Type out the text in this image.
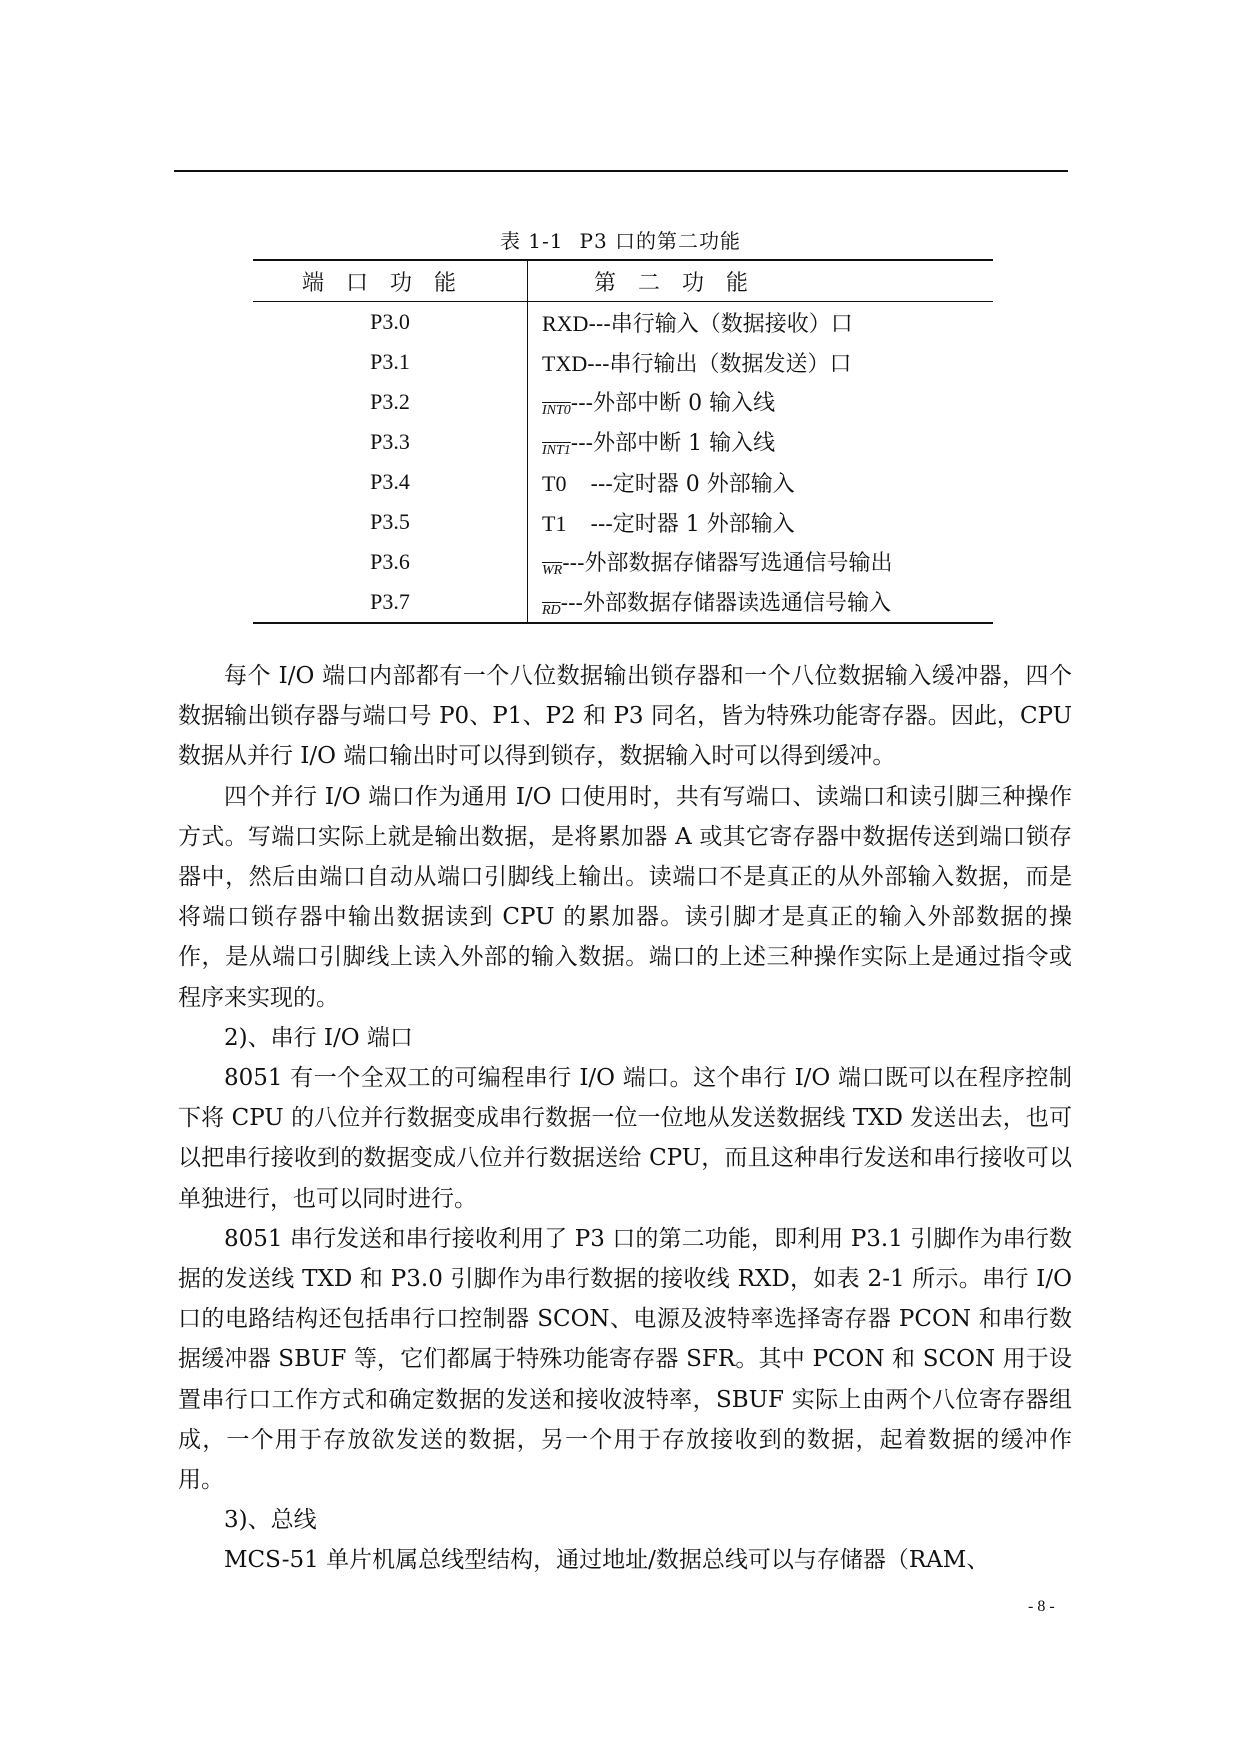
表 1-1 P3 口的第二功能
端口功能	第二功能
P3.0	RXD---串行输入（数据接收）口
P3.1	TXD---串行输出（数据发送）口
P3.2	INT0---外部中断 0 输入线
P3.3	INT1---外部中断 1 输入线
P3.4	T0 ---定时器 0 外部输入
P3.5	T1 ---定时器 1 外部输入
P3.6	$\overline{WR}---$外部数据存储器写选通信号输出
P3.7	$\overline{RD}---$外部数据存储器读选通信号输入

每个 I/O 端口内部都有一个八位数据输出锁存器和一个八位数据输入缓冲器，四个数据输出锁存器与端口号 P0、P1、P2 和 P3 同名，皆为特殊功能寄存器。因此，CPU 数据从并行 I/O 端口输出时可以得到锁存，数据输入时可以得到缓冲。

四个并行 I/O 端口作为通用 I/O 口使用时，共有写端口、读端口和读引脚三种操作方式。写端口实际上就是输出数据，是将累加器 A 或其它寄存器中数据传送到端口锁存器中，然后由端口自动从端口引脚线上输出。读端口不是真正的从外部输入数据，而是将端口锁存器中输出数据读到 CPU 的累加器。读引脚才是真正的输入外部数据的操作，是从端口引脚线上读入外部的输入数据。端口的上述三种操作实际上是通过指令或程序来实现的。

2)、串行 I/O 端口

8051 有一个全双工的可编程串行 I/O 端口。这个串行 I/O 端口既可以在程序控制下将 CPU 的八位并行数据变成串行数据一位一位地从发送数据线 TXD 发送出去，也可以把串行接收到的数据变成八位并行数据送给 CPU，而且这种串行发送和串行接收可以单独进行，也可以同时进行。

8051 串行发送和串行接收利用了 P3 口的第二功能，即利用 P3.1 引脚作为串行数据的发送线 TXD 和 P3.0 引脚作为串行数据的接收线 RXD，如表 2-1 所示。串行 I/O 口的电路结构还包括串行口控制器 SCON、电源及波特率选择寄存器 PCON 和串行数据缓冲器 SBUF 等，它们都属于特殊功能寄存器 SFR。其中 PCON 和 SCON 用于设置串行口工作方式和确定数据的发送和接收波特率，SBUF 实际上由两个八位寄存器组成，一个用于存放欲发送的数据，另一个用于存放接收到的数据，起着数据的缓冲作用。

3)、总线

MCS-51 单片机属总线型结构，通过地址/数据总线可以与存储器（RAM、

- 8 -
